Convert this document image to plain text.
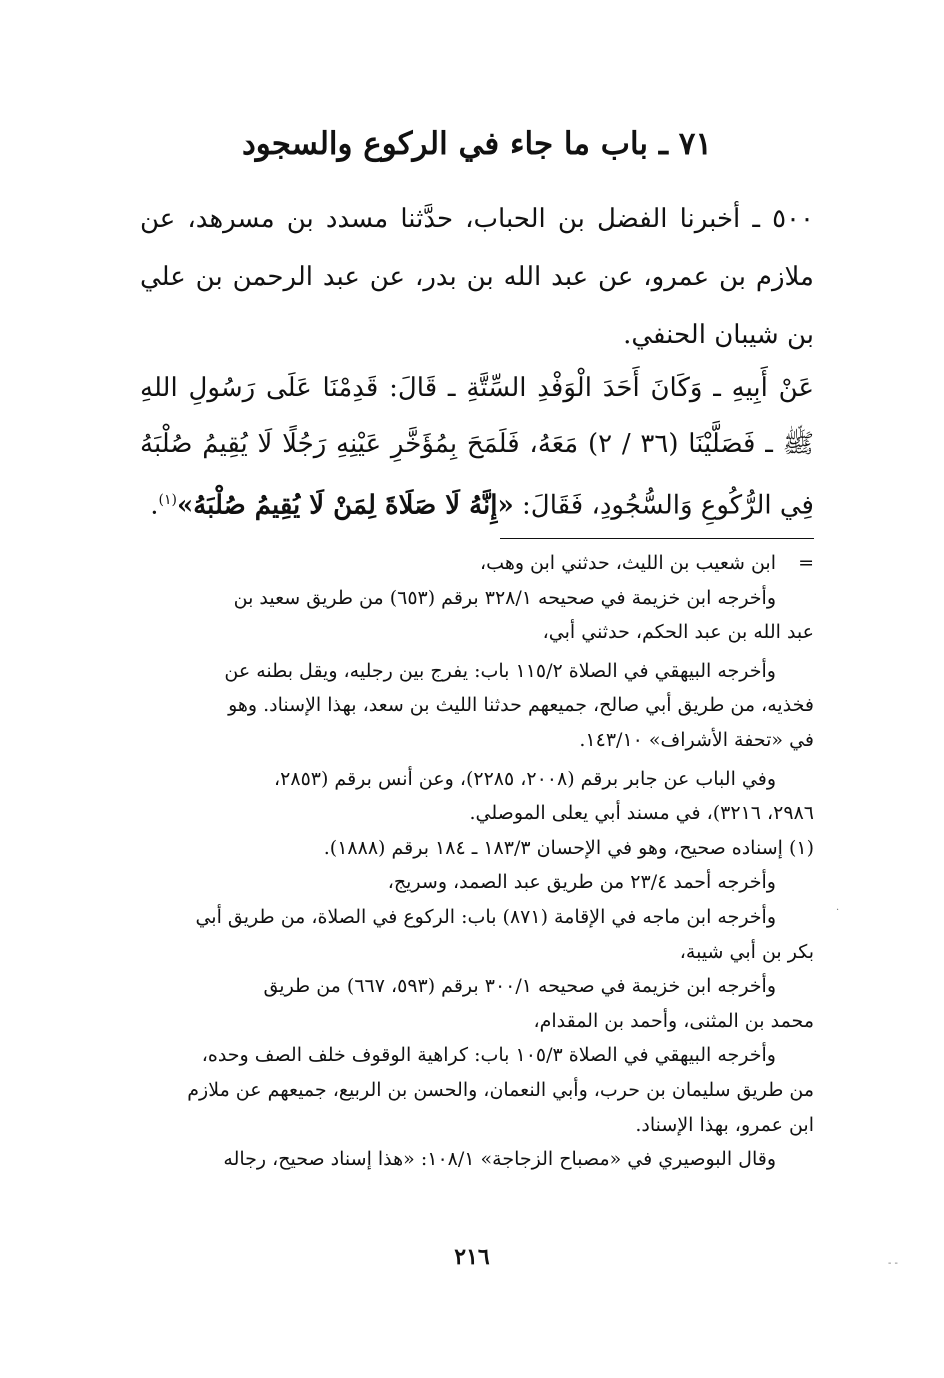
٧١ ـ باب ما جاء في الركوع والسجود

٥٠٠ ـ أخبرنا الفضل بن الحباب، حدَّثنا مسدد بن مسرهد، عن ملازم بن عمرو، عن عبد الله بن بدر، عن عبد الرحمن بن علي بن شيبان الحنفي.

عَنْ أَبِيهِ ـ وَكَانَ أَحَدَ الْوَفْدِ السِّتَّةِ ـ قَالَ: قَدِمْنَا عَلَى رَسُولِ اللهِ ﷺ ـ فَصَلَّيْنَا (٣٦ / ٢) مَعَهُ، فَلَمَحَ بِمُؤَخَّرِ عَيْنِهِ رَجُلًا لَا يُقِيمُ صُلْبَهُ فِي الرُّكُوعِ وَالسُّجُودِ، فَقَالَ: «إِنَّهُ لَا صَلَاةَ لِمَنْ لَا يُقِيمُ صُلْبَهُ»$^{(١)}$.

=
ابن شعيب بن الليث، حدثني ابن وهب،
وأخرجه ابن خزيمة في صحيحه ٣٢٨/١ برقم (٦٥٣) من طريق سعيد بن
عبد الله بن عبد الحكم، حدثني أبي،
وأخرجه البيهقي في الصلاة ١١٥/٢ باب: يفرج بين رجليه، ويقل بطنه عن
فخذيه، من طريق أبي صالح، جميعهم حدثنا الليث بن سعد، بهذا الإسناد. وهو
في «تحفة الأشراف» ١٤٣/١٠.
وفي الباب عن جابر برقم (٢٠٠٨، ٢٢٨٥)، وعن أنس برقم (٢٨٥٣،
٢٩٨٦، ٣٢١٦)، في مسند أبي يعلى الموصلي.
(١) إسناده صحيح، وهو في الإحسان ١٨٣/٣ ـ ١٨٤ برقم (١٨٨٨).
وأخرجه أحمد ٢٣/٤ من طريق عبد الصمد، وسريج،
وأخرجه ابن ماجه في الإقامة (٨٧١) باب: الركوع في الصلاة، من طريق أبي
بكر بن أبي شيبة،
وأخرجه ابن خزيمة في صحيحه ٣٠٠/١ برقم (٥٩٣، ٦٦٧) من طريق
محمد بن المثنى، وأحمد بن المقدام،
وأخرجه البيهقي في الصلاة ١٠٥/٣ باب: كراهية الوقوف خلف الصف وحده،
من طريق سليمان بن حرب، وأبي النعمان، والحسن بن الربيع، جميعهم عن ملازم
ابن عمرو، بهذا الإسناد.
وقال البوصيري في «مصباح الزجاجة» ١٠٨/١: «هذا إسناد صحيح، رجاله
٢١٦
·
- -
